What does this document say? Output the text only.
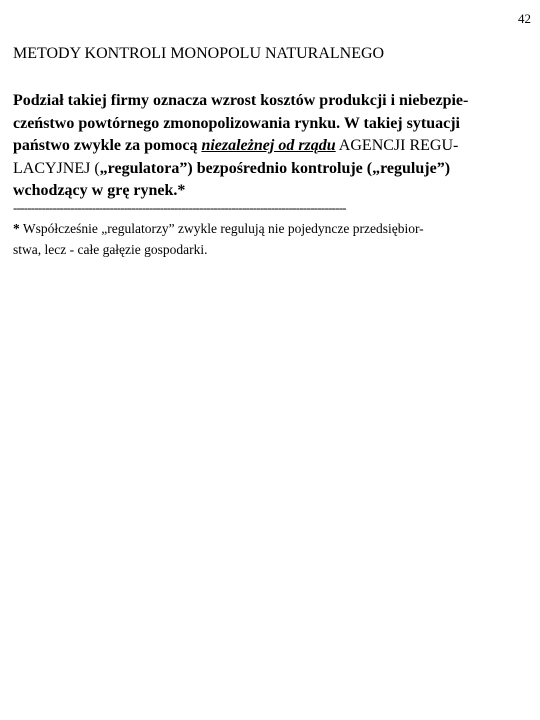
42
METODY KONTROLI MONOPOLU NATURALNEGO
Podział takiej firmy oznacza wzrost kosztów produkcji i niebezpie-
czeństwo powtórnego zmonopolizowania rynku. W takiej sytuacji
państwo zwykle za pomocą niezależnej od rządu AGENCJI REGU-
LACYJNEJ („regulatora”) bezpośrednio kontroluje („reguluje”)
wchodzący w grę rynek.*
---------------------------------------------------------------------------------------------
* Współcześnie „regulatorzy” zwykle regulują nie pojedyncze przedsiębior-
stwa, lecz - całe gałęzie gospodarki.
